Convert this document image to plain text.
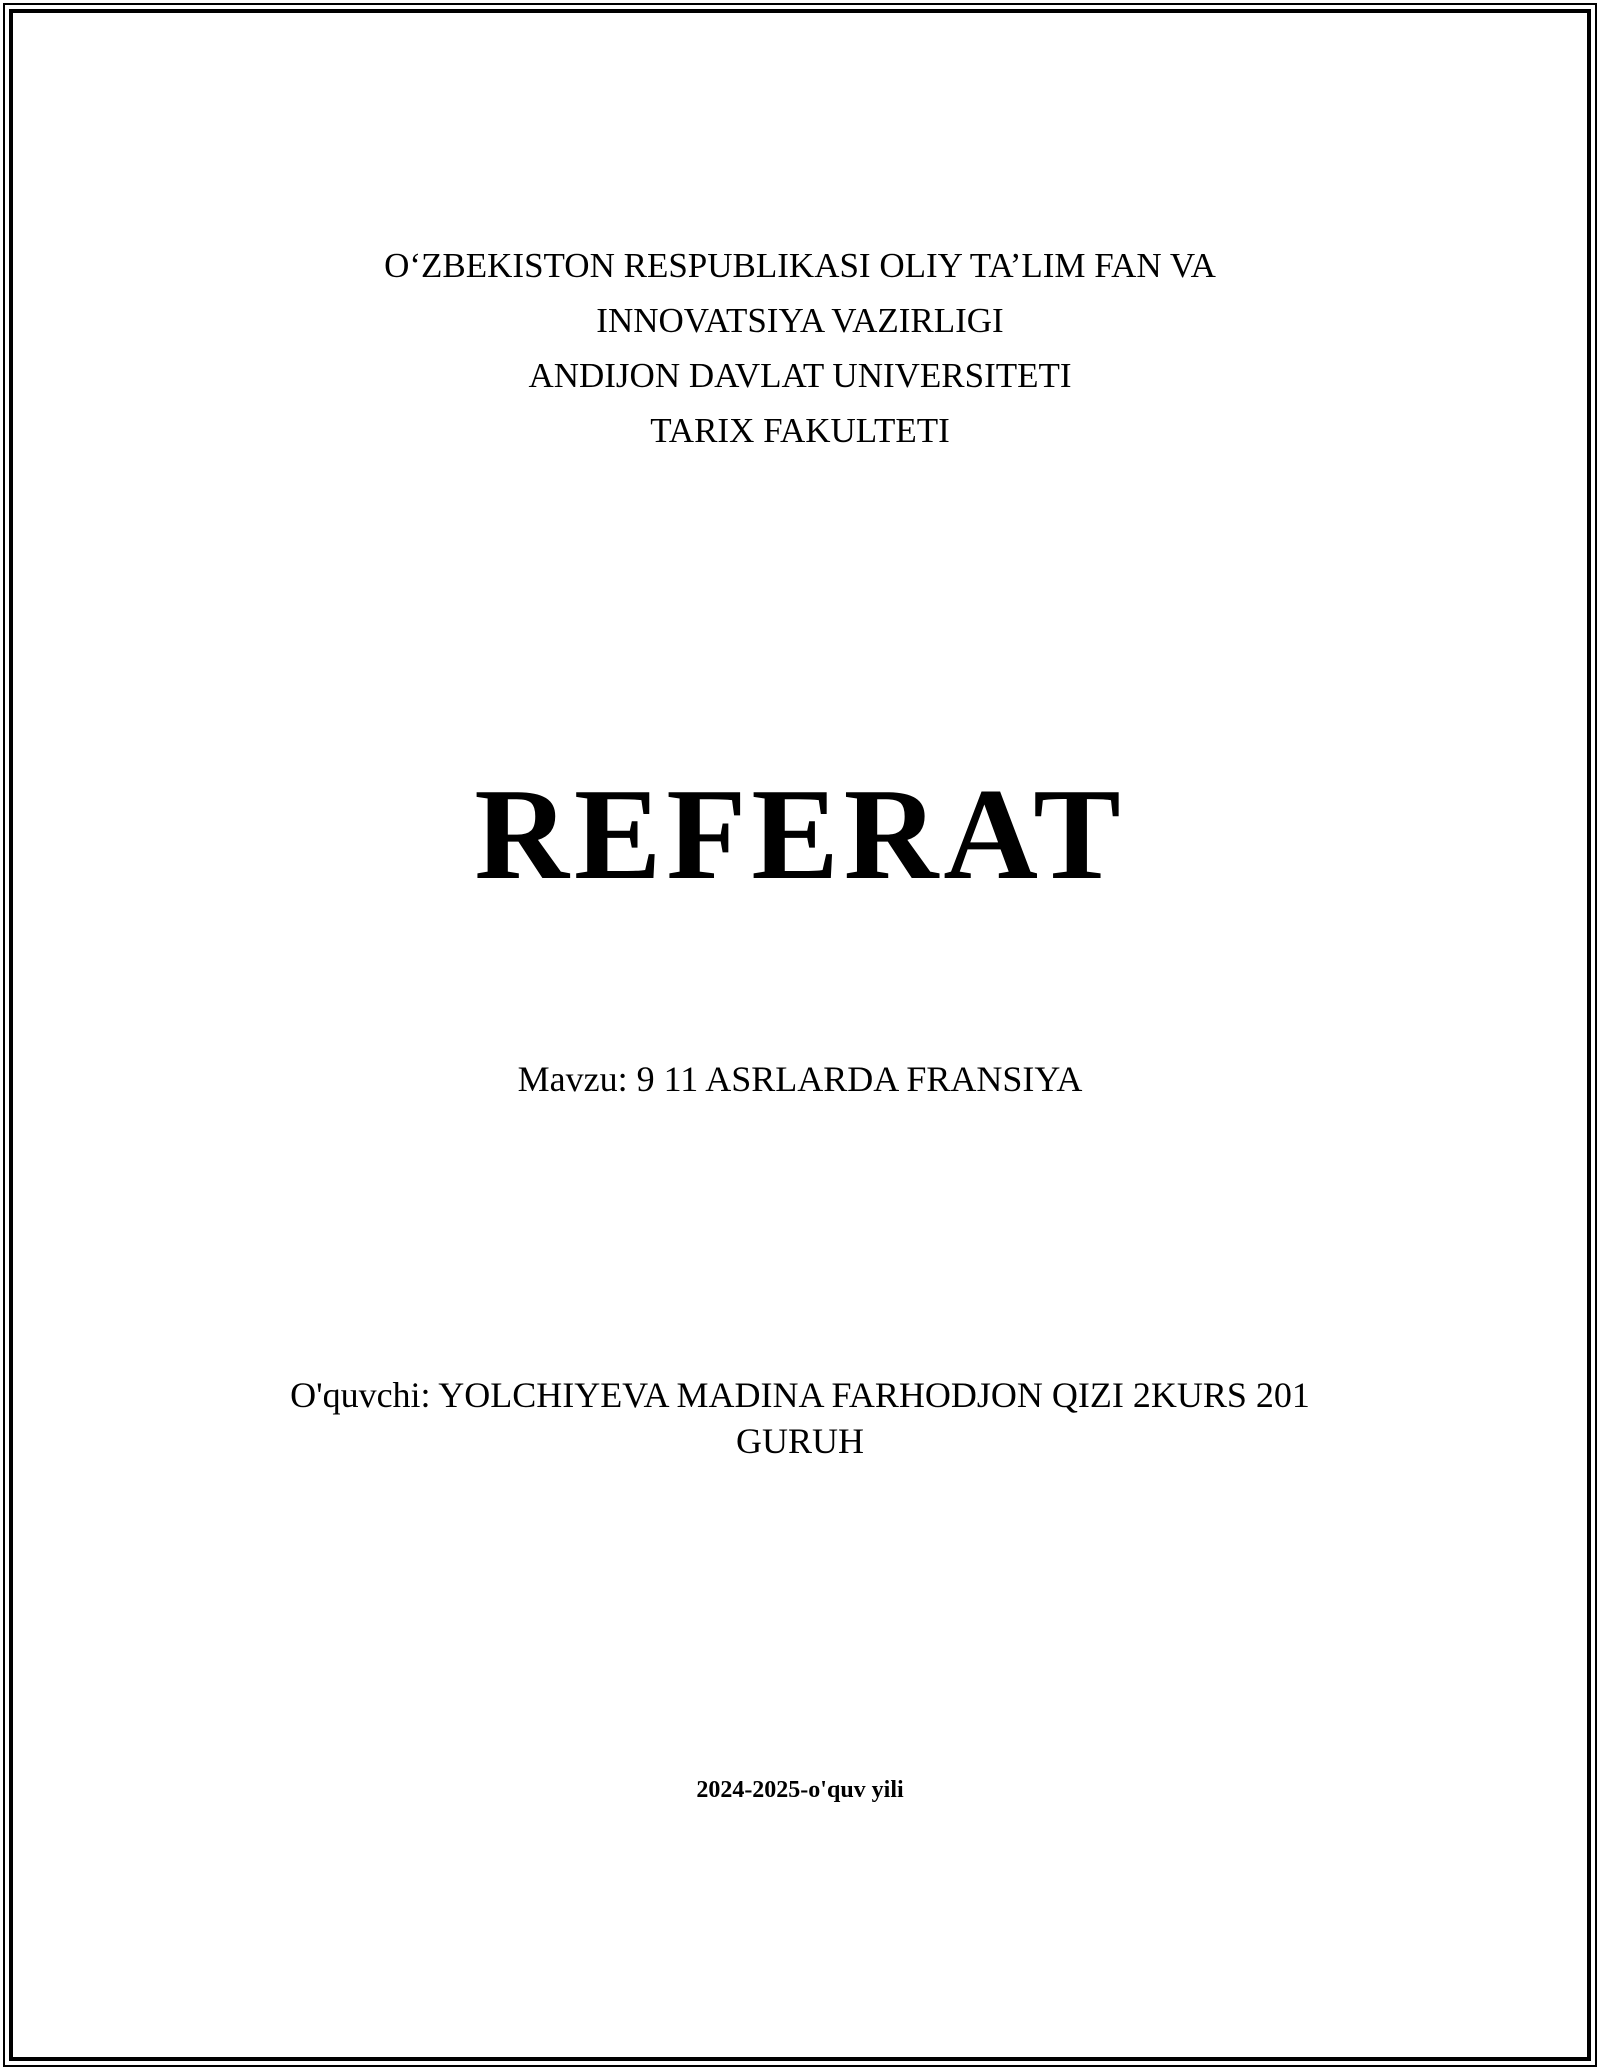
O‘ZBEKISTON RESPUBLIKASI OLIY TA’LIM FAN VA
INNOVATSIYA VAZIRLIGI
ANDIJON DAVLAT UNIVERSITETI
TARIX FAKULTETI
REFERAT
Mavzu: 9 11 ASRLARDA FRANSIYA
O'quvchi: YOLCHIYEVA MADINA FARHODJON QIZI 2KURS 201
GURUH
2024-2025-o'quv yili
